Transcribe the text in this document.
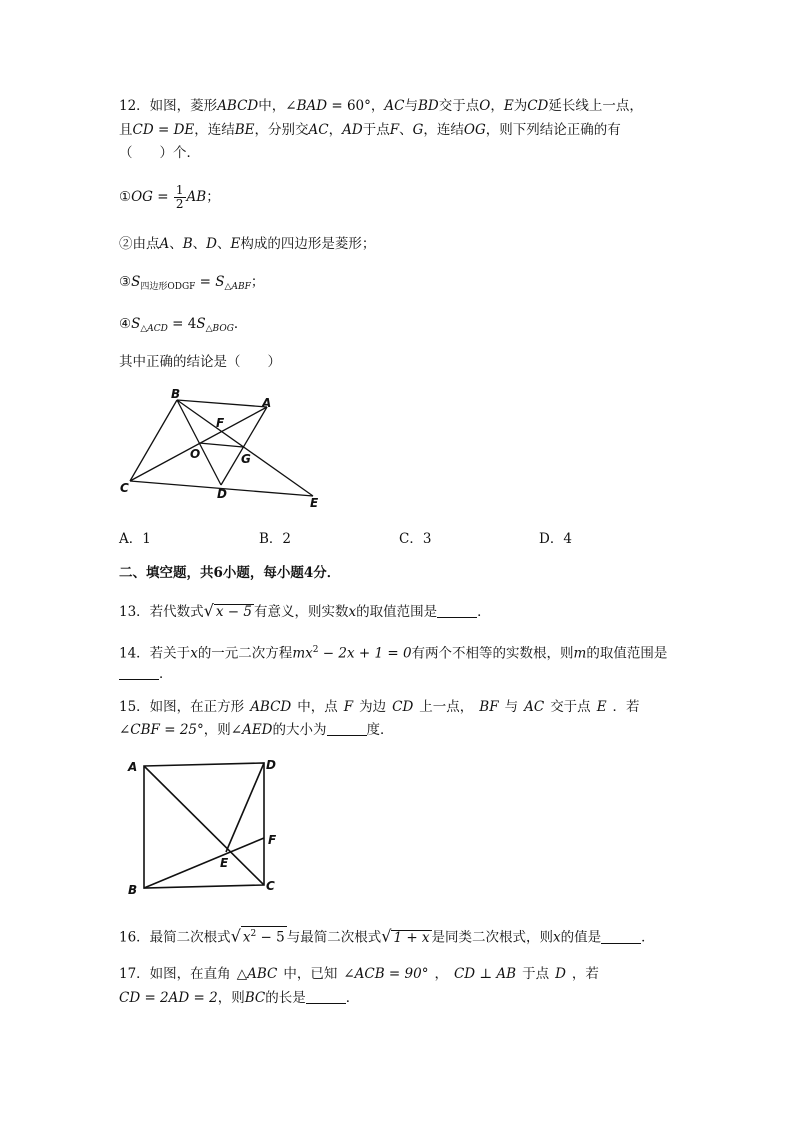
12．如图，菱形ABCD中，∠BAD = 60°，AC与BD交于点O，E为CD延长线上一点，
且CD = DE，连结BE，分别交AC，AD于点F、G，连结OG，则下列结论正确的有
（　　）个．
①OG = $\frac{1}{2}$ AB；
②由点A、B、D、E构成的四边形是菱形；
$③S_{四边形ODGF} = S_{\triangle ABF}$；
$④S_{\triangle ACD} = 4S_{\triangle BOG}$．
其中正确的结论是（　　）
B
A
F
O	G
C	D
E
A．1	B．2	C．3	D．4
二、填空题，共6小题，每小题4分．
13．若代数式√ x − 5 有意义，则实数x的取值范围是	．
14．若关于x的一元二次方程$mx^2 - 2x + 1 = 0$有两个不相等的实数根，则m的取值范围是
．
15．如图，在正方形 ABCD 中，点 F 为边 CD 上一点， BF 与 AC 交于点 E ．若
∠CBF = 25°，则∠AED的大小为	度．
A	D
F
E
B	C
16．最简二次根式√ $x^2 - 5$ 与最简二次根式√ 1 + x 是同类二次根式，则x的值是	．
17．如图，在直角 △ABC 中，已知 ∠ACB = 90° ， CD ⊥ AB 于点 D ，若
CD = 2AD = 2，则BC的长是	．
